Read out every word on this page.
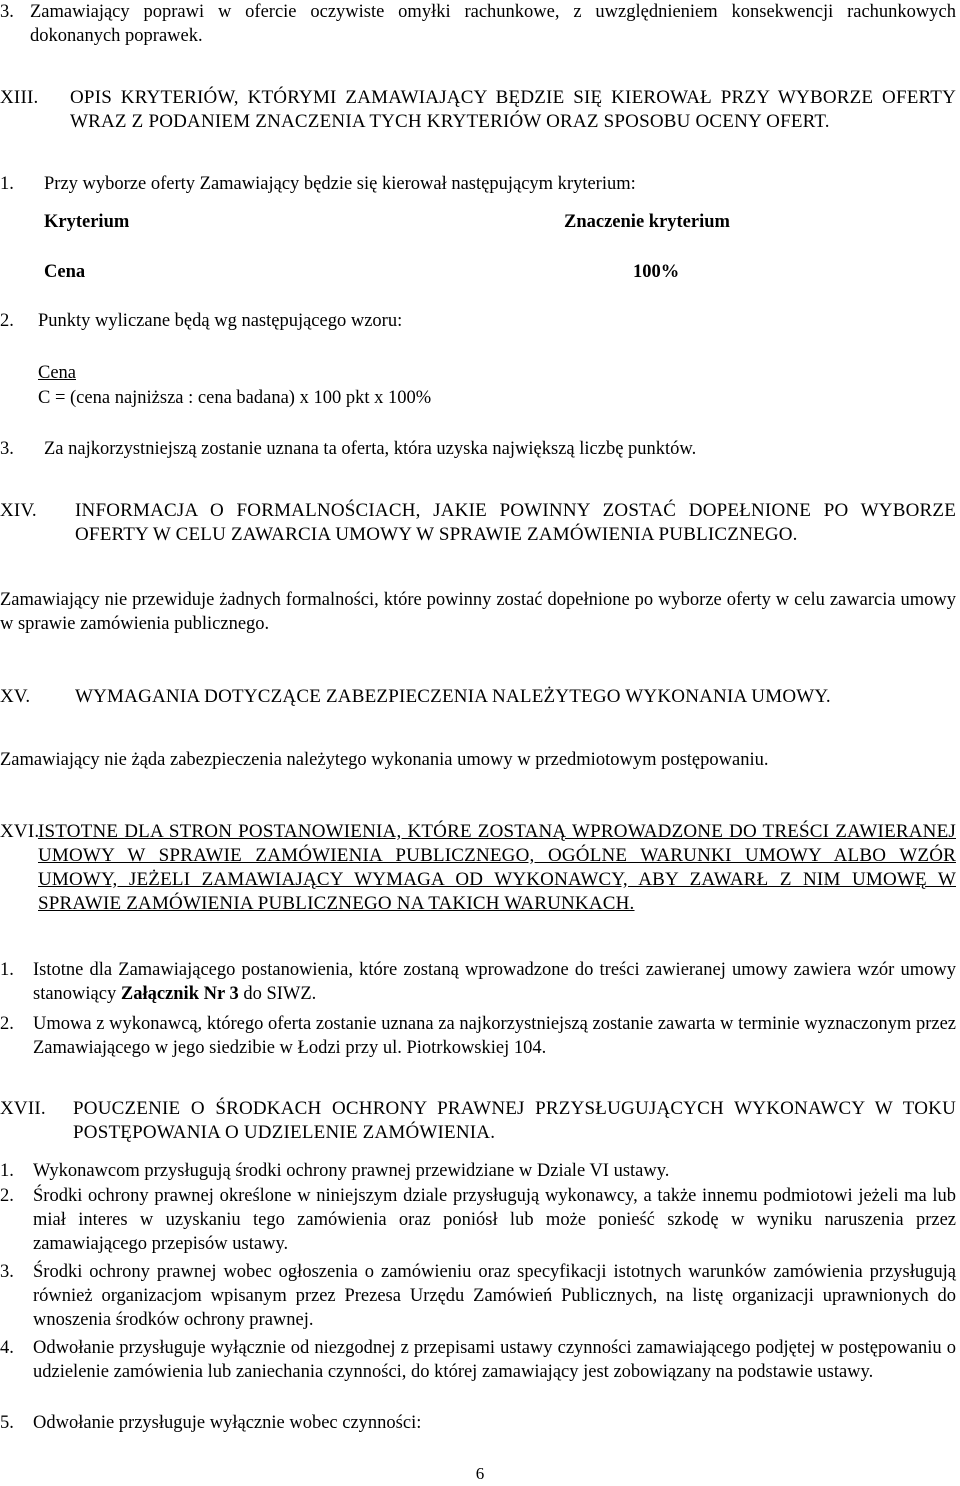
3. Zamawiający poprawi w ofercie oczywiste omyłki rachunkowe, z uwzględnieniem konsekwencji rachunkowych dokonanych poprawek.
XIII.	OPIS KRYTERIÓW, KTÓRYMI ZAMAWIAJĄCY BĘDZIE SIĘ KIEROWAŁ PRZY WYBORZE OFERTY WRAZ Z PODANIEM ZNACZENIA TYCH KRYTERIÓW ORAZ SPOSOBU OCENY OFERT.
1.	Przy wyborze oferty Zamawiający będzie się kierował następującym kryterium:
Kryterium	Znaczenie kryterium
Cena	100%
2.	Punkty wyliczane będą wg następującego wzoru:
Cena
C = (cena najniższa : cena badana) x 100 pkt x 100%
3.	Za najkorzystniejszą zostanie uznana ta oferta, która uzyska największą liczbę punktów.
XIV.	INFORMACJA O FORMALNOŚCIACH, JAKIE POWINNY ZOSTAĆ DOPEŁNIONE PO WYBORZE OFERTY W CELU ZAWARCIA UMOWY W SPRAWIE ZAMÓWIENIA PUBLICZNEGO.
Zamawiający nie przewiduje żadnych formalności, które powinny zostać dopełnione po wyborze oferty w celu zawarcia umowy w sprawie zamówienia publicznego.
XV.	WYMAGANIA DOTYCZĄCE ZABEZPIECZENIA NALEŻYTEGO WYKONANIA UMOWY.
Zamawiający nie żąda zabezpieczenia należytego wykonania umowy w przedmiotowym postępowaniu.
XVI.
ISTOTNE DLA STRON POSTANOWIENIA, KTÓRE ZOSTANĄ WPROWADZONE DO TREŚCI ZAWIERANEJ UMOWY W SPRAWIE ZAMÓWIENIA PUBLICZNEGO, OGÓLNE WARUNKI UMOWY ALBO WZÓR UMOWY, JEŻELI ZAMAWIAJĄCY WYMAGA OD WYKONAWCY, ABY ZAWARŁ Z NIM UMOWĘ W SPRAWIE ZAMÓWIENIA PUBLICZNEGO NA TAKICH WARUNKACH.
1.	Istotne dla Zamawiającego postanowienia, które zostaną wprowadzone do treści zawieranej umowy zawiera wzór umowy stanowiący Załącznik Nr 3 do SIWZ.
2.	Umowa z wykonawcą, którego oferta zostanie uznana za najkorzystniejszą zostanie zawarta w terminie wyznaczonym przez Zamawiającego w jego siedzibie w Łodzi przy ul. Piotrkowskiej 104.
XVII.	POUCZENIE O ŚRODKACH OCHRONY PRAWNEJ PRZYSŁUGUJĄCYCH WYKONAWCY W TOKU POSTĘPOWANIA O UDZIELENIE ZAMÓWIENIA.
1.	Wykonawcom przysługują środki ochrony prawnej przewidziane w Dziale VI ustawy.
2.	Środki ochrony prawnej określone w niniejszym dziale przysługują wykonawcy, a także innemu podmiotowi jeżeli ma lub miał interes w uzyskaniu tego zamówienia oraz poniósł lub może ponieść szkodę w wyniku naruszenia przez zamawiającego przepisów ustawy.
3.	Środki ochrony prawnej wobec ogłoszenia o zamówieniu oraz specyfikacji istotnych warunków zamówienia przysługują również organizacjom wpisanym przez Prezesa Urzędu Zamówień Publicznych, na listę organizacji uprawnionych do wnoszenia środków ochrony prawnej.
4.	Odwołanie przysługuje wyłącznie od niezgodnej z przepisami ustawy czynności zamawiającego podjętej w postępowaniu o udzielenie zamówienia lub zaniechania czynności, do której zamawiający jest zobowiązany na podstawie ustawy.
5.	Odwołanie przysługuje wyłącznie wobec czynności:
6
